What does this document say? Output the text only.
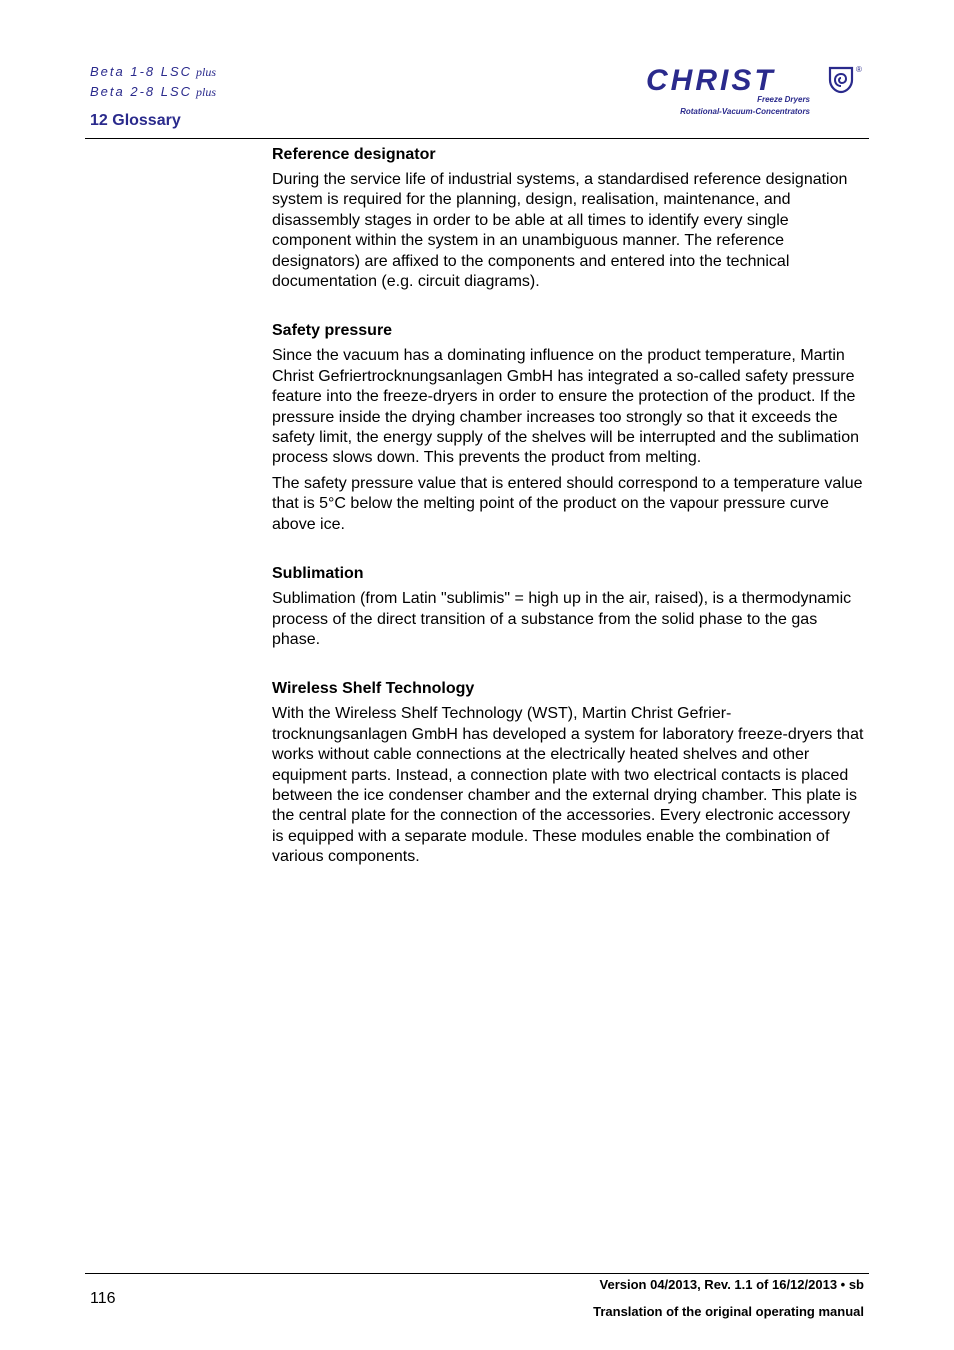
Beta 1-8 LSC plus
Beta 2-8 LSC plus
12 Glossary
CHRIST	®
Freeze Dryers
Rotational-Vacuum-Concentrators
Reference designator

During the service life of industrial systems, a standardised reference designation system is required for the planning, design, realisation, maintenance, and disassembly stages in order to be able at all times to identify every single component within the system in an unambiguous manner. The reference designators) are affixed to the components and entered into the technical documentation (e.g. circuit diagrams).

Safety pressure

Since the vacuum has a dominating influence on the product temperature, Martin Christ Gefriertrocknungsanlagen GmbH has integrated a so-called safety pressure feature into the freeze-dryers in order to ensure the protection of the product. If the pressure inside the drying chamber increases too strongly so that it exceeds the safety limit, the energy supply of the shelves will be interrupted and the sublimation process slows down. This prevents the product from melting.

The safety pressure value that is entered should correspond to a temperature value that is 5°C below the melting point of the product on the vapour pressure curve above ice.

Sublimation

Sublimation (from Latin "sublimis" = high up in the air, raised), is a thermodynamic process of the direct transition of a substance from the solid phase to the gas phase.

Wireless Shelf Technology

With the Wireless Shelf Technology (WST), Martin Christ Gefrier-trocknungsanlagen GmbH has developed a system for laboratory freeze-dryers that works without cable connections at the electrically heated shelves and other equipment parts. Instead, a connection plate with two electrical contacts is placed between the ice condenser chamber and the external drying chamber. This plate is the central plate for the connection of the accessories. Every electronic accessory is equipped with a separate module. These modules enable the combination of various components.

116
Version 04/2013, Rev. 1.1 of 16/12/2013 • sb
Translation of the original operating manual
